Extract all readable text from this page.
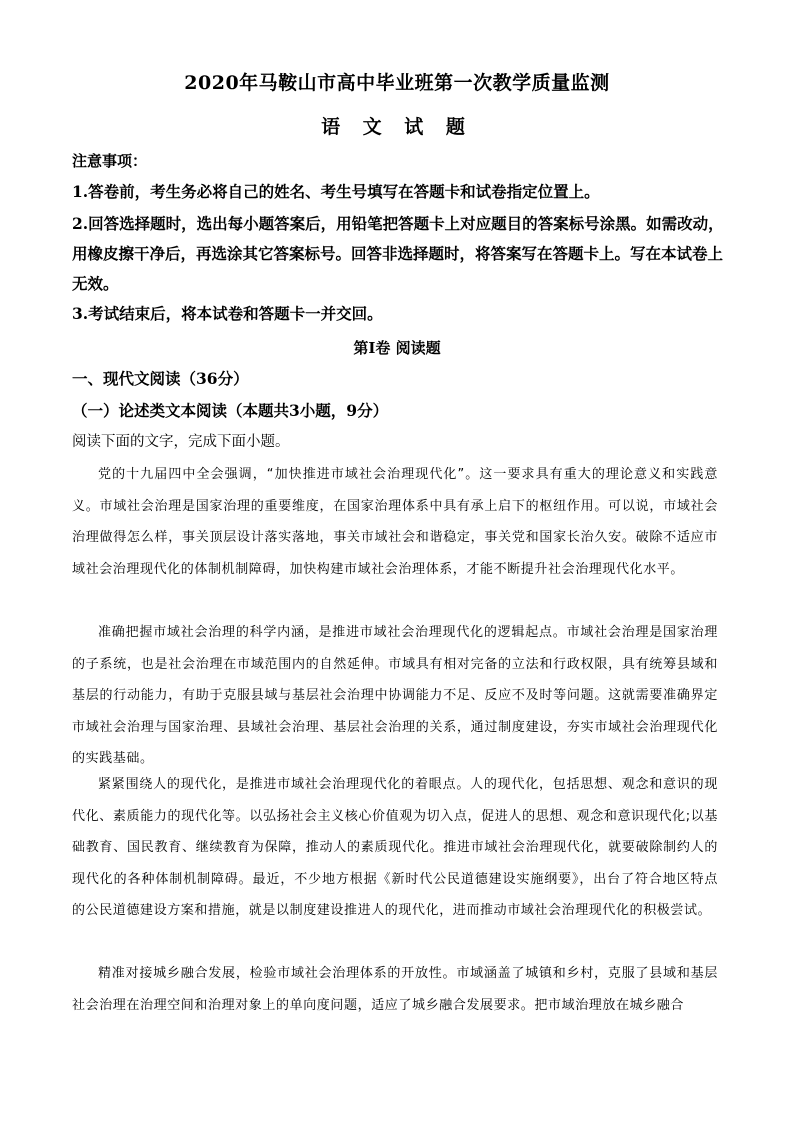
2020年马鞍山市高中毕业班第一次教学质量监测
语 文 试 题
注意事项：
1.答卷前，考生务必将自己的姓名、考生号填写在答题卡和试卷指定位置上。
2.回答选择题时，选出每小题答案后，用铅笔把答题卡上对应题目的答案标号涂黑。如需改动，用橡皮擦干净后，再选涂其它答案标号。回答非选择题时，将答案写在答题卡上。写在本试卷上无效。
3.考试结束后，将本试卷和答题卡一并交回。
第Ⅰ卷 阅读题
一、现代文阅读（36分）
（一）论述类文本阅读（本题共3小题，9分）
阅读下面的文字，完成下面小题。
党的十九届四中全会强调，“加快推进市域社会治理现代化”。这一要求具有重大的理论意义和实践意义。市域社会治理是国家治理的重要维度，在国家治理体系中具有承上启下的枢纽作用。可以说，市域社会治理做得怎么样，事关顶层设计落实落地，事关市域社会和谐稳定，事关党和国家长治久安。破除不适应市域社会治理现代化的体制机制障碍，加快构建市域社会治理体系，才能不断提升社会治理现代化水平。
准确把握市域社会治理的科学内涵，是推进市域社会治理现代化的逻辑起点。市域社会治理是国家治理的子系统，也是社会治理在市域范围内的自然延伸。市域具有相对完备的立法和行政权限，具有统筹县域和基层的行动能力，有助于克服县域与基层社会治理中协调能力不足、反应不及时等问题。这就需要准确界定市域社会治理与国家治理、县域社会治理、基层社会治理的关系，通过制度建设，夯实市域社会治理现代化的实践基础。
紧紧围绕人的现代化，是推进市域社会治理现代化的着眼点。人的现代化，包括思想、观念和意识的现代化、素质能力的现代化等。以弘扬社会主义核心价值观为切入点，促进人的思想、观念和意识现代化;以基础教育、国民教育、继续教育为保障，推动人的素质现代化。推进市域社会治理现代化，就要破除制约人的现代化的各种体制机制障碍。最近，不少地方根据《新时代公民道德建设实施纲要》，出台了符合地区特点的公民道德建设方案和措施，就是以制度建设推进人的现代化，进而推动市域社会治理现代化的积极尝试。
精准对接城乡融合发展，检验市域社会治理体系的开放性。市域涵盖了城镇和乡村，克服了县域和基层社会治理在治理空间和治理对象上的单向度问题，适应了城乡融合发展要求。把市域治理放在城乡融合
